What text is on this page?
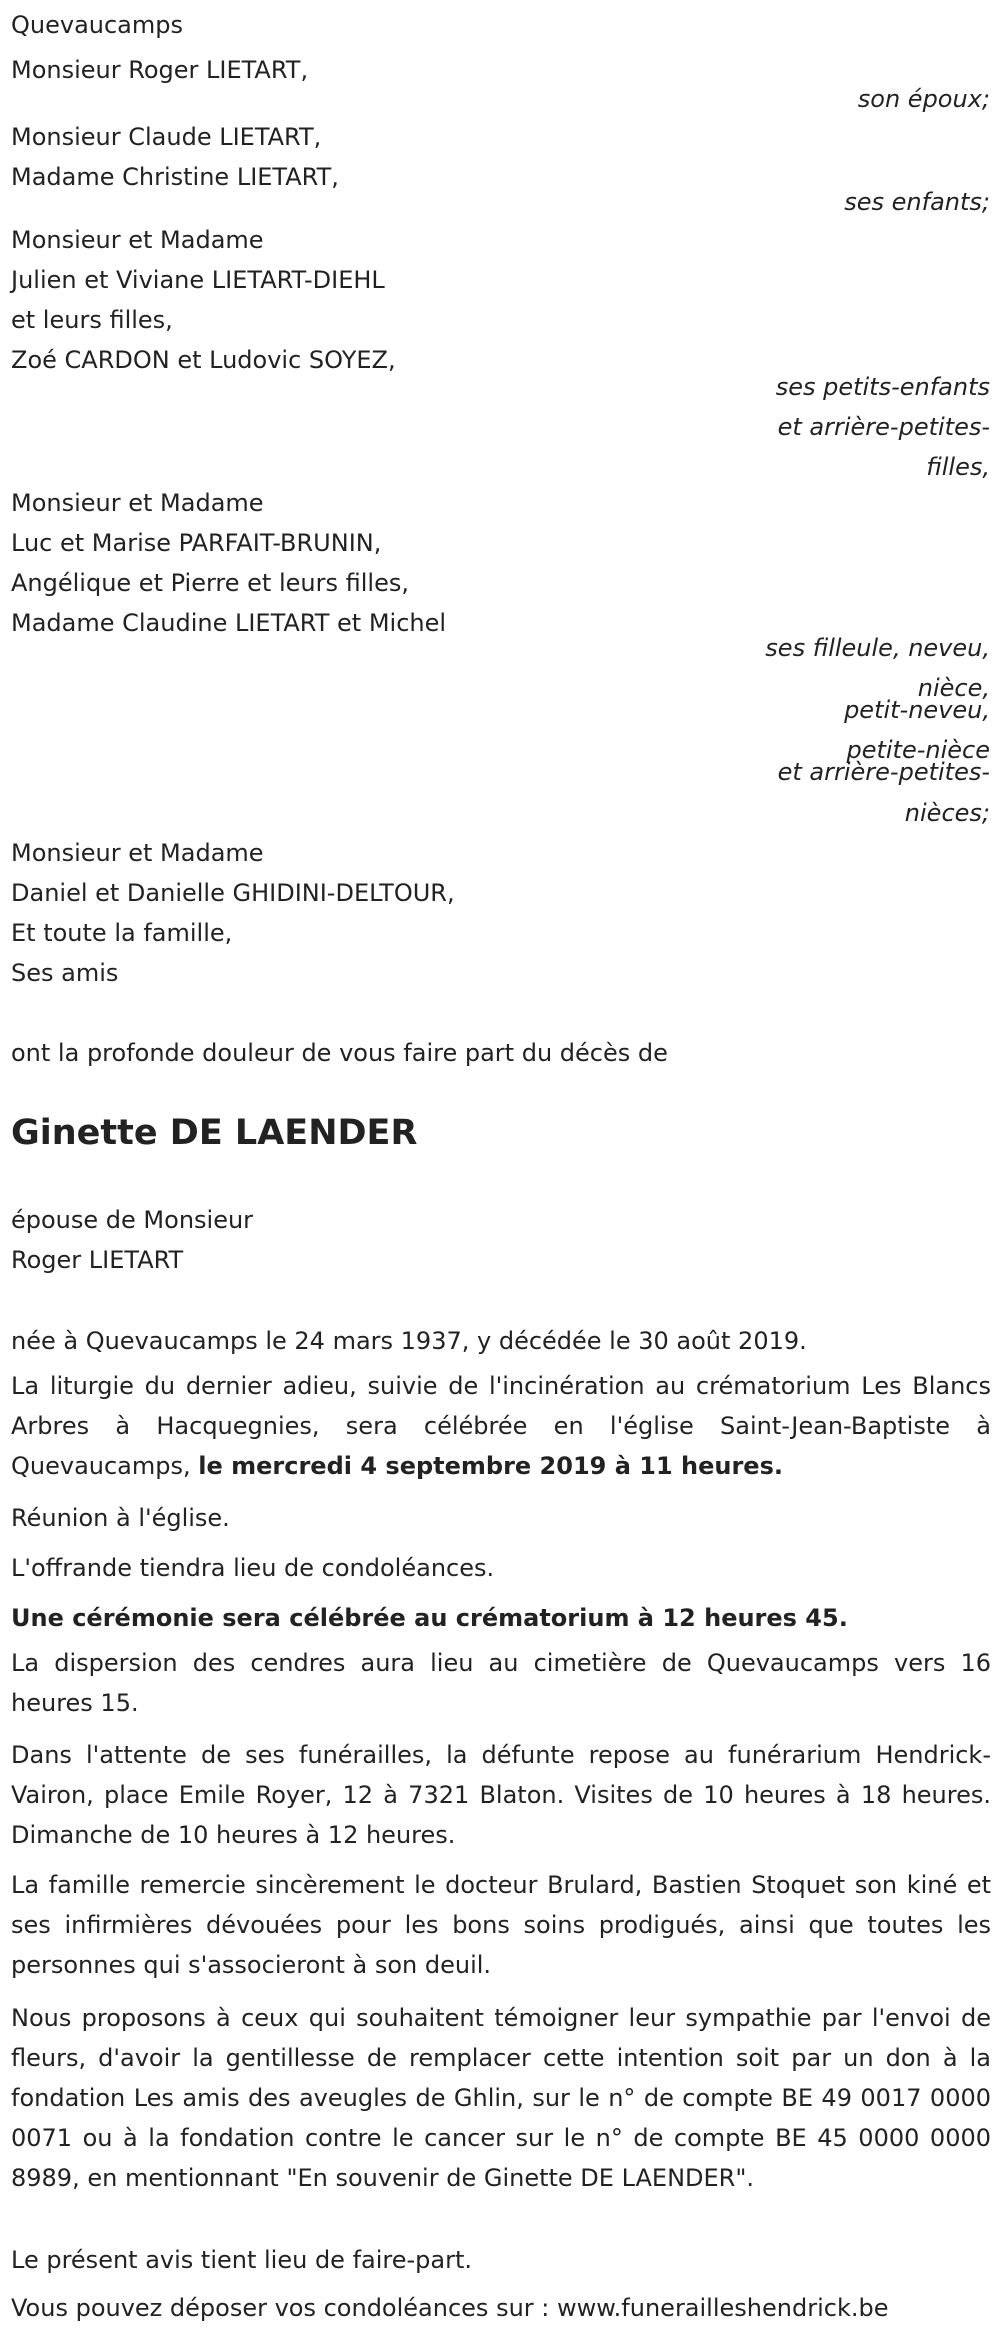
Quevaucamps
Monsieur Roger LIETART,
son époux;
Monsieur Claude LIETART,
Madame Christine LIETART,
ses enfants;
Monsieur et Madame
Julien et Viviane LIETART-DIEHL
et leurs filles,
Zoé CARDON et Ludovic SOYEZ,
ses petits-enfants
et arrière-petites-
filles,
Monsieur et Madame
Luc et Marise PARFAIT-BRUNIN,
Angélique et Pierre et leurs filles,
Madame Claudine LIETART et Michel
ses filleule, neveu,
nièce,
petit-neveu,
petite-nièce
et arrière-petites-
nièces;
Monsieur et Madame
Daniel et Danielle GHIDINI-DELTOUR,
Et toute la famille,
Ses amis
ont la profonde douleur de vous faire part du décès de
Ginette DE LAENDER
épouse de Monsieur
Roger LIETART
née à Quevaucamps le 24 mars 1937, y décédée le 30 août 2019.
La liturgie du dernier adieu, suivie de l'incinération au crématorium Les Blancs Arbres à Hacquegnies, sera célébrée en l'église Saint-Jean-Baptiste à Quevaucamps, le mercredi 4 septembre 2019 à 11 heures.
Réunion à l'église.
L'offrande tiendra lieu de condoléances.
Une cérémonie sera célébrée au crématorium à 12 heures 45.
La dispersion des cendres aura lieu au cimetière de Quevaucamps vers 16 heures 15.
Dans l'attente de ses funérailles, la défunte repose au funérarium Hendrick-Vairon, place Emile Royer, 12 à 7321 Blaton. Visites de 10 heures à 18 heures. Dimanche de 10 heures à 12 heures.
La famille remercie sincèrement le docteur Brulard, Bastien Stoquet son kiné et ses infirmières dévouées pour les bons soins prodigués, ainsi que toutes les personnes qui s'associeront à son deuil.
Nous proposons à ceux qui souhaitent témoigner leur sympathie par l'envoi de fleurs, d'avoir la gentillesse de remplacer cette intention soit par un don à la fondation Les amis des aveugles de Ghlin, sur le n° de compte BE 49 0017 0000 0071 ou à la fondation contre le cancer sur le n° de compte BE 45 0000 0000 8989, en mentionnant "En souvenir de Ginette DE LAENDER".
Le présent avis tient lieu de faire-part.
Vous pouvez déposer vos condoléances sur : www.funerailleshendrick.be
